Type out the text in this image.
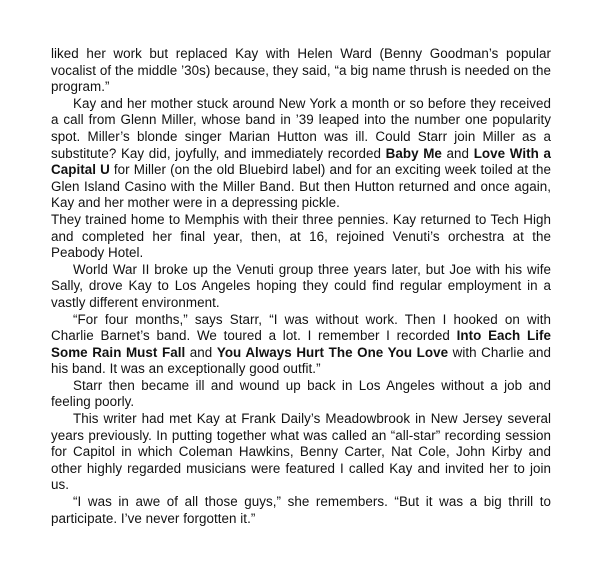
liked her work but replaced Kay with Helen Ward (Benny Goodman’s popular vocalist of the middle ’30s) because, they said, “a big name thrush is needed on the program.”

Kay and her mother stuck around New York a month or so before they received a call from Glenn Miller, whose band in ’39 leaped into the number one popularity spot. Miller’s blonde singer Marian Hutton was ill. Could Starr join Miller as a substitute? Kay did, joyfully, and immediately recorded Baby Me and Love With a Capital U for Miller (on the old Bluebird label) and for an exciting week toiled at the Glen Island Casino with the Miller Band. But then Hutton returned and once again, Kay and her mother were in a depressing pickle.

They trained home to Memphis with their three pennies. Kay returned to Tech High and completed her final year, then, at 16, rejoined Venuti’s orchestra at the Peabody Hotel.

World War II broke up the Venuti group three years later, but Joe with his wife Sally, drove Kay to Los Angeles hoping they could find regular employment in a vastly different environment.

“For four months,” says Starr, “I was without work. Then I hooked on with Charlie Barnet’s band. We toured a lot. I remember I recorded Into Each Life Some Rain Must Fall and You Always Hurt The One You Love with Charlie and his band. It was an exceptionally good outfit.”

Starr then became ill and wound up back in Los Angeles without a job and feeling poorly.

This writer had met Kay at Frank Daily’s Meadowbrook in New Jersey several years previously. In putting together what was called an “all-star” recording session for Capitol in which Coleman Hawkins, Benny Carter, Nat Cole, John Kirby and other highly regarded musicians were featured I called Kay and invited her to join us.

“I was in awe of all those guys,” she remembers. “But it was a big thrill to participate. I’ve never forgotten it.”
